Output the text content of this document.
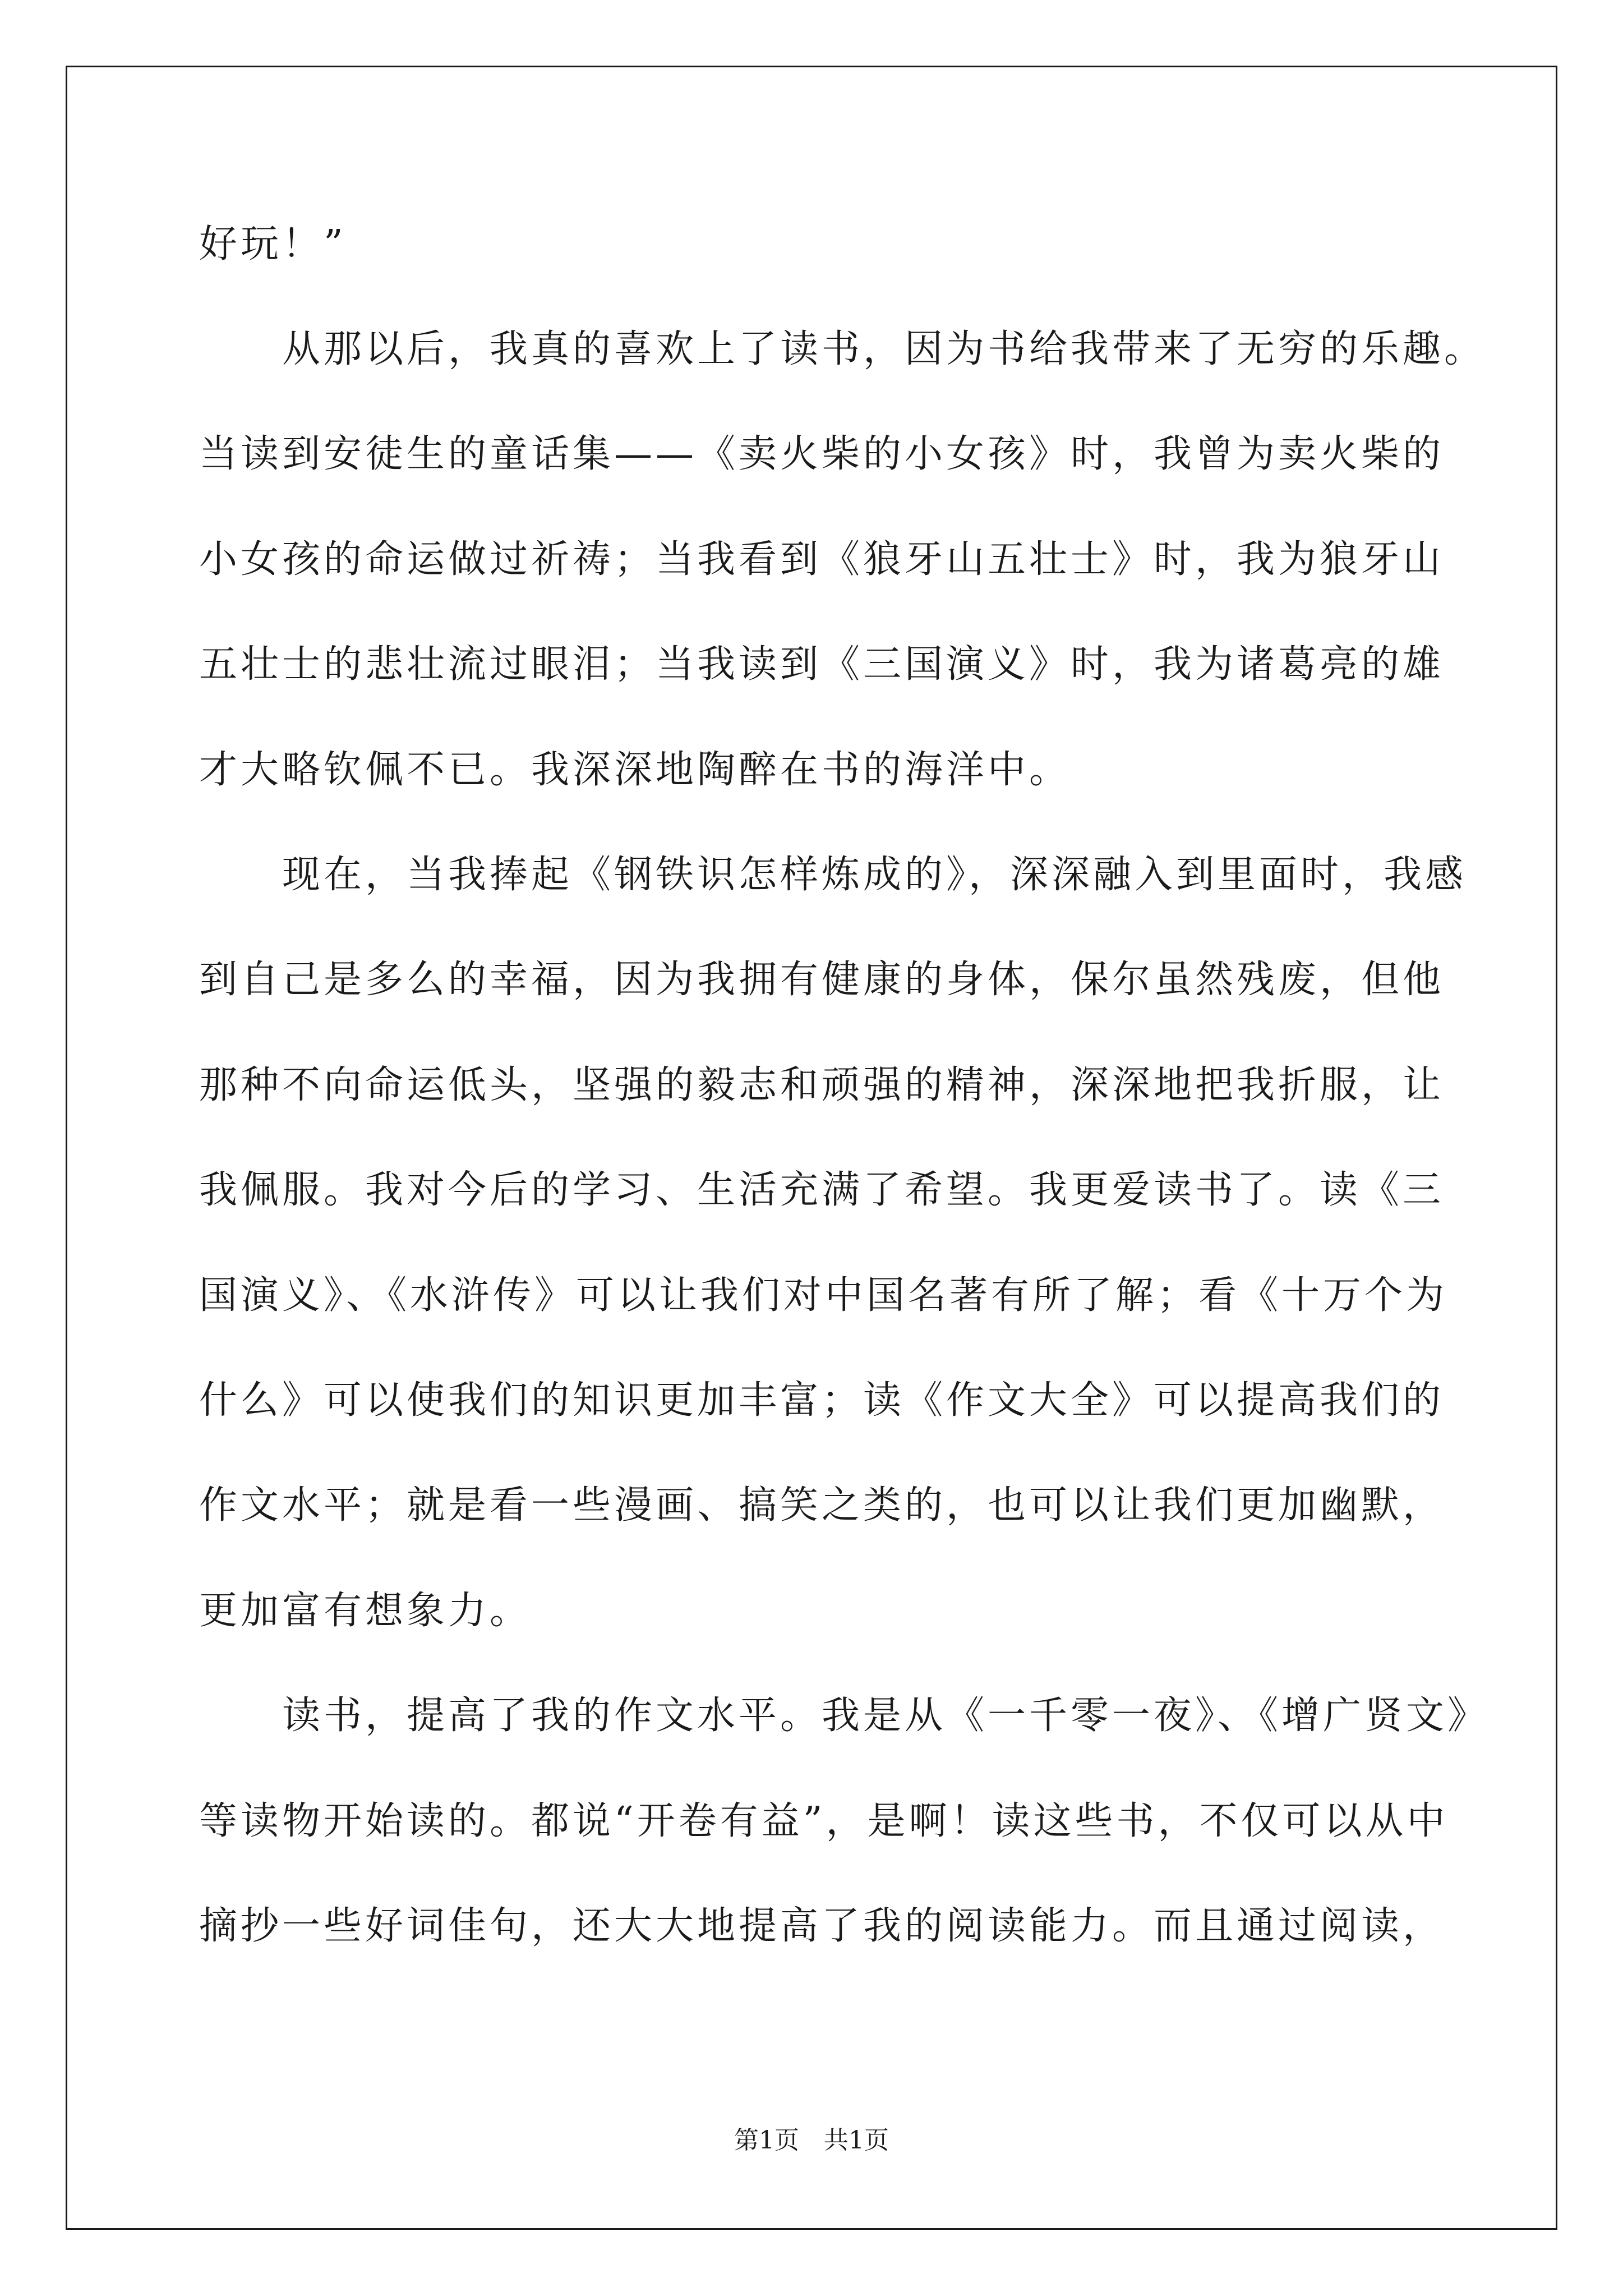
好玩！”
　　从那以后，我真的喜欢上了读书，因为书给我带来了无穷的乐趣。
当读到安徒生的童话集——《卖火柴的小女孩》时，我曾为卖火柴的
小女孩的命运做过祈祷；当我看到《狼牙山五壮士》时，我为狼牙山
五壮士的悲壮流过眼泪；当我读到《三国演义》时，我为诸葛亮的雄
才大略钦佩不已。我深深地陶醉在书的海洋中。
　　现在，当我捧起《钢铁识怎样炼成的》，深深融入到里面时，我感
到自己是多么的幸福，因为我拥有健康的身体，保尔虽然残废，但他
那种不向命运低头，坚强的毅志和顽强的精神，深深地把我折服，让
我佩服。我对今后的学习、生活充满了希望。我更爱读书了。读《三
国演义》、《水浒传》可以让我们对中国名著有所了解；看《十万个为
什么》可以使我们的知识更加丰富；读《作文大全》可以提高我们的
作文水平；就是看一些漫画、搞笑之类的，也可以让我们更加幽默，
更加富有想象力。
　　读书，提高了我的作文水平。我是从《一千零一夜》、《增广贤文》
等读物开始读的。都说“开卷有益”，是啊！读这些书，不仅可以从中
摘抄一些好词佳句，还大大地提高了我的阅读能力。而且通过阅读，
第1页　共1页
